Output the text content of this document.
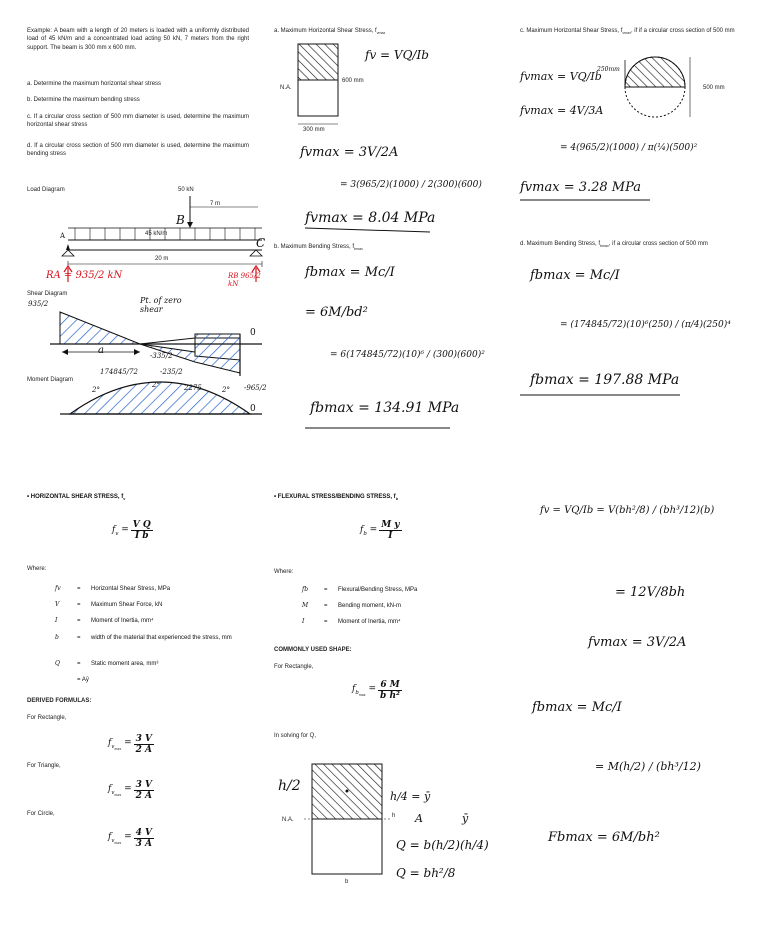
Example: A beam with a length of 20 meters is loaded with a uniformly distributed load of 45 kN/m and a concentrated load acting 50 kN, 7 meters from the right support. The beam is 300 mm x 600 mm.
a. Determine the maximum horizontal shear stress
b. Determine the maximum bending stress
c. If a circular cross section of 500 mm diameter is used, determine the maximum horizontal shear stress
d. If a circular cross section of 500 mm diameter is used, determine the maximum bending stress
Load Diagram
Shear Diagram
Moment Diagram
50 kN
7 m
45 kN/m
20 m
A
B
C
RA = 935/2 kN	RB 965/2 kN
935/2	Pt. of zero shear
a	-335/2
-235/2
-965/2
0
174845/72
2275
2°
2°
2°
0
a. Maximum Horizontal Shear Stress, $f_{vmax}$
fv = VQ/Ib
N.A.
600 mm
300 mm
fvmax = 3V/2A
= 3(965/2)(1000) / 2(300)(600)
fvmax = 8.04 MPa
b. Maximum Bending Stress, $f_{bmax}$
fbmax = Mc/I
= 6M/bd²
= 6(174845/72)(10)⁶ / (300)(600)²
fbmax = 134.91 MPa
c. Maximum Horizontal Shear Stress, $f_{vmax}$, if if a circular cross section of 500 mm
250mm
500 mm
fvmax = VQ/Ib
fvmax = 4V/3A
= 4(965/2)(1000) / π(¼)(500)²
fvmax = 3.28 MPa
d. Maximum Bending Stress, $f_{bmax}$, if a circular cross section of 500 mm
fbmax = Mc/I
= (174845/72)(10)⁶(250) / (π/4)(250)⁴
fbmax = 197.88 MPa
• HORIZONTAL SHEAR STRESS, $f_v$
$f_v = \frac{\text{V Q}}{\text{I b}}$
Where:
fv	=	Horizontal Shear Stress, MPa
V	=	Maximum Shear Force, kN
I	=	Moment of Inertia, mm⁴
b	=	width of the material that experienced the stress, mm
Q	=	Static moment area, mm³
= Aȳ
DERIVED FORMULAS:
For Rectangle,
$f_{v_{max}} = \frac{3 V}{2 A}$
For Triangle,
$f_{v_{max}} = \frac{3 V}{2 A}$
For Circle,
$f_{v_{max}} = \frac{4 V}{3 A}$
• FLEXURAL STRESS/BENDING STRESS, $f_b$
$f_b = \frac{\text{M y}}{I}$
Where:
fb	=	Flexural/Bending Stress, MPa
M	=	Bending moment, kN-m
I	=	Moment of Inertia, mm⁴
COMMONLY USED SHAPE:
For Rectangle,
$f_{b_{max}} = \frac{6 M}{\text{b h²}}$
In solving for Q,
h/2
h
N.A.
b
h/4 = ȳ
A	ȳ
Q = b(h/2)(h/4)
Q = bh²/8
fv = VQ/Ib = V(bh²/8) / (bh³/12)(b)
= 12V/8bh
fvmax = 3V/2A
fbmax = Mc/I
= M(h/2) / (bh³/12)
Fbmax = 6M/bh²
